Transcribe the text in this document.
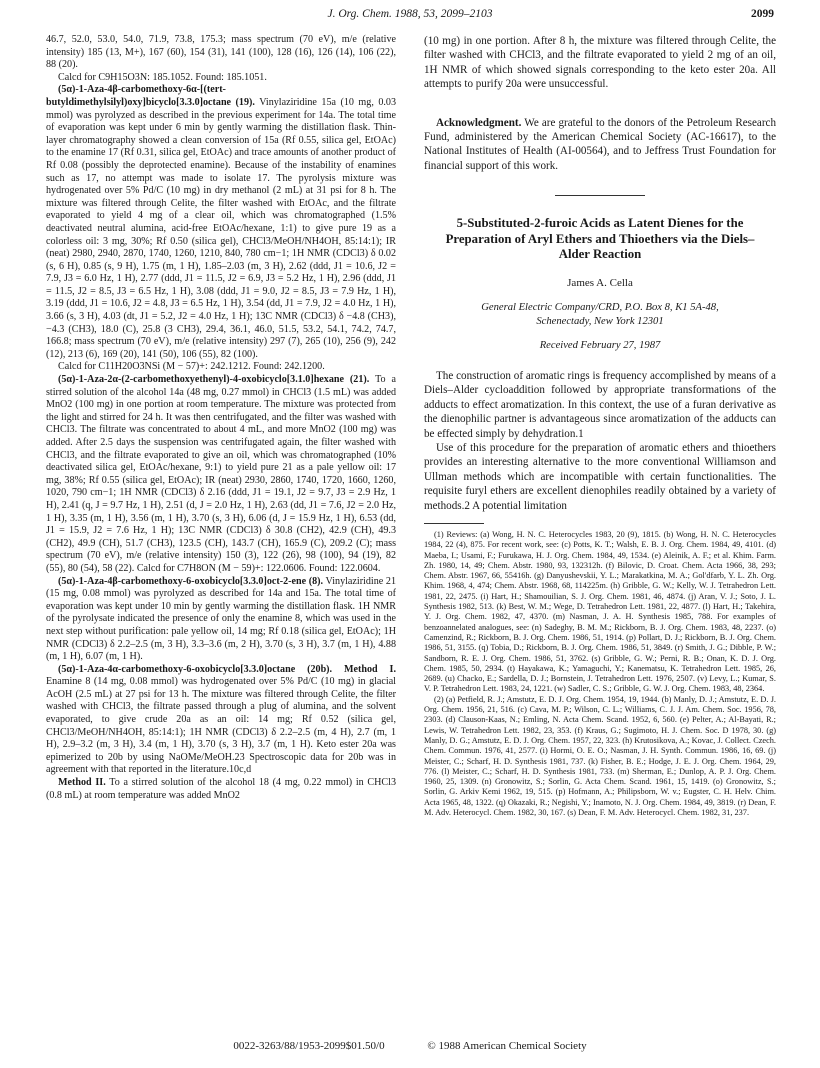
J. Org. Chem. 1988, 53, 2099–2103	2099

46.7, 52.0, 53.0, 54.0, 71.9, 73.8, 175.3; mass spectrum (70 eV), m/e (relative intensity) 185 (13, M+), 167 (60), 154 (31), 141 (100), 128 (16), 126 (14), 106 (22), 88 (20).

Calcd for C9H15O3N: 185.1052. Found: 185.1051.

(5α)-1-Aza-4β-carbomethoxy-6α-[(tert-butyldimethylsilyl)oxy]bicyclo[3.3.0]octane (19). Vinylaziridine 15a (10 mg, 0.03 mmol) was pyrolyzed as described in the previous experiment for 14a. The total time of evaporation was kept under 6 min by gently warming the distillation flask. Thin-layer chromatography showed a clean conversion of 15a (Rf 0.55, silica gel, EtOAc) to the enamine 17 (Rf 0.31, silica gel, EtOAc) and trace amounts of another product of Rf 0.08 (possibly the deprotected enamine). Because of the instability of enamines such as 17, no attempt was made to isolate 17. The pyrolysis mixture was hydrogenated over 5% Pd/C (10 mg) in dry methanol (2 mL) at 31 psi for 8 h. The mixture was filtered through Celite, the filter washed with EtOAc, and the filtrate evaporated to yield 4 mg of a clear oil, which was chromatographed (1.5% deactivated neutral alumina, acid-free EtOAc/hexane, 1:1) to give pure 19 as a colorless oil: 3 mg, 30%; Rf 0.50 (silica gel), CHCl3/MeOH/NH4OH, 85:14:1); IR (neat) 2980, 2940, 2870, 1740, 1260, 1210, 840, 780 cm−1; 1H NMR (CDCl3) δ 0.02 (s, 6 H), 0.85 (s, 9 H), 1.75 (m, 1 H), 1.85–2.03 (m, 3 H), 2.62 (ddd, J1 = 10.6, J2 = 7.9, J3 = 6.0 Hz, 1 H), 2.77 (ddd, J1 = 11.5, J2 = 6.9, J3 = 5.2 Hz, 1 H), 2.96 (ddd, J1 = 11.5, J2 = 8.5, J3 = 6.5 Hz, 1 H), 3.08 (ddd, J1 = 9.0, J2 = 8.5, J3 = 7.9 Hz, 1 H), 3.19 (ddd, J1 = 10.6, J2 = 4.8, J3 = 6.5 Hz, 1 H), 3.54 (dd, J1 = 7.9, J2 = 4.0 Hz, 1 H), 3.66 (s, 3 H), 4.03 (dt, J1 = 5.2, J2 = 4.0 Hz, 1 H); 13C NMR (CDCl3) δ −4.8 (CH3), −4.3 (CH3), 18.0 (C), 25.8 (3 CH3), 29.4, 36.1, 46.0, 51.5, 53.2, 54.1, 74.2, 74.7, 166.8; mass spectrum (70 eV), m/e (relative intensity) 297 (7), 265 (10), 256 (9), 242 (12), 213 (6), 169 (20), 141 (50), 106 (55), 82 (100).

Calcd for C11H20O3NSi (M − 57)+: 242.1212. Found: 242.1200.

(5α)-1-Aza-2α-(2-carbomethoxyethenyl)-4-oxobicyclo[3.1.0]hexane (21). To a stirred solution of the alcohol 14a (48 mg, 0.27 mmol) in CHCl3 (1.5 mL) was added MnO2 (100 mg) in one portion at room temperature. The mixture was protected from the light and stirred for 24 h. It was then centrifugated, and the filter was washed with CHCl3. The filtrate was concentrated to about 4 mL, and more MnO2 (100 mg) was added. After 2.5 days the suspension was centrifugated again, the filter washed with CHCl3, and the filtrate evaporated to give an oil, which was chromatographed (10% deactivated silica gel, EtOAc/hexane, 9:1) to yield pure 21 as a pale yellow oil: 17 mg, 38%; Rf 0.55 (silica gel, EtOAc); IR (neat) 2930, 2860, 1740, 1720, 1660, 1260, 1020, 790 cm−1; 1H NMR (CDCl3) δ 2.16 (ddd, J1 = 19.1, J2 = 9.7, J3 = 2.9 Hz, 1 H), 2.41 (q, J = 9.7 Hz, 1 H), 2.51 (d, J = 2.0 Hz, 1 H), 2.63 (dd, J1 = 7.6, J2 = 2.0 Hz, 1 H), 3.35 (m, 1 H), 3.56 (m, 1 H), 3.70 (s, 3 H), 6.06 (d, J = 15.9 Hz, 1 H), 6.53 (dd, J1 = 15.9, J2 = 7.6 Hz, 1 H); 13C NMR (CDCl3) δ 30.8 (CH2), 42.9 (CH), 49.3 (CH2), 49.9 (CH), 51.7 (CH3), 123.5 (CH), 143.7 (CH), 165.9 (C), 209.2 (C); mass spectrum (70 eV), m/e (relative intensity) 150 (3), 122 (26), 98 (100), 94 (19), 82 (55), 80 (54), 58 (22). Calcd for C7H8ON (M − 59)+: 122.0606. Found: 122.0604.

(5α)-1-Aza-4β-carbomethoxy-6-oxobicyclo[3.3.0]oct-2-ene (8). Vinylaziridine 21 (15 mg, 0.08 mmol) was pyrolyzed as described for 14a and 15a. The total time of evaporation was kept under 10 min by gently warming the distillation flask. 1H NMR of the pyrolysate indicated the presence of only the enamine 8, which was used in the next step without purification: pale yellow oil, 14 mg; Rf 0.18 (silica gel, EtOAc); 1H NMR (CDCl3) δ 2.2–2.5 (m, 3 H), 3.3–3.6 (m, 2 H), 3.70 (s, 3 H), 3.7 (m, 1 H), 4.88 (m, 1 H), 6.07 (m, 1 H).

(5α)-1-Aza-4α-carbomethoxy-6-oxobicyclo[3.3.0]octane (20b). Method I. Enamine 8 (14 mg, 0.08 mmol) was hydrogenated over 5% Pd/C (10 mg) in glacial AcOH (2.5 mL) at 27 psi for 13 h. The mixture was filtered through Celite, the filter washed with CHCl3, the filtrate passed through a plug of alumina, and the solvent evaporated, to give crude 20a as an oil: 14 mg; Rf 0.52 (silica gel, CHCl3/MeOH/NH4OH, 85:14:1); 1H NMR (CDCl3) δ 2.2–2.5 (m, 4 H), 2.7 (m, 1 H), 2.9–3.2 (m, 3 H), 3.4 (m, 1 H), 3.70 (s, 3 H), 3.7 (m, 1 H). Keto ester 20a was epimerized to 20b by using NaOMe/MeOH.23 Spectroscopic data for 20b was in agreement with that reported in the literature.10c,d

Method II. To a stirred solution of the alcohol 18 (4 mg, 0.22 mmol) in CHCl3 (0.8 mL) at room temperature was added MnO2

(10 mg) in one portion. After 8 h, the mixture was filtered through Celite, the filter washed with CHCl3, and the filtrate evaporated to yield 2 mg of an oil, 1H NMR of which showed signals corresponding to the keto ester 20a. All attempts to purify 20a were unsuccessful.

Acknowledgment. We are grateful to the donors of the Petroleum Research Fund, administered by the American Chemical Society (AC-16617), to the National Institutes of Health (AI-00564), and to Jeffress Trust Foundation for financial support of this work.

5-Substituted-2-furoic Acids as Latent Dienes for the Preparation of Aryl Ethers and Thioethers via the Diels–Alder Reaction

James A. Cella

General Electric Company/CRD, P.O. Box 8, K1 5A-48,
Schenectady, New York 12301

Received February 27, 1987

The construction of aromatic rings is frequency accomplished by means of a Diels–Alder cycloaddition followed by appropriate transformations of the adducts to effect aromatization. In this context, the use of a furan derivative as the dienophilic partner is advantageous since aromatization of the adducts can be effected simply by dehydration.1

Use of this procedure for the preparation of aromatic ethers and thioethers provides an interesting alternative to the more conventional Williamson and Ullman methods which are incompatible with certain functionalities. The requisite furyl ethers are excellent dienophiles readily obtained by a variety of methods.2 A potential limitation

(1) Reviews: (a) Wong, H. N. C. Heterocycles 1983, 20 (9), 1815. (b) Wong, H. N. C. Heterocycles 1984, 22 (4), 875. For recent work, see: (c) Potts, K. T.; Walsh, E. B. J. Org. Chem. 1984, 49, 4101. (d) Maeba, I.; Usami, F.; Furukawa, H. J. Org. Chem. 1984, 49, 1534. (e) Aleinik, A. F.; et al. Khim. Farm. Zh. 1980, 14, 49; Chem. Abstr. 1980, 93, 132312h. (f) Bilovic, D. Croat. Chem. Acta 1966, 38, 293; Chem. Abstr. 1967, 66, 55416h. (g) Danyushevskii, Y. L.; Marakatkina, M. A.; Gol'dfarb, Y. L. Zh. Org. Khim. 1968, 4, 474; Chem. Abstr. 1968, 68, 114225m. (h) Gribble, G. W.; Kelly, W. J. Tetrahedron Lett. 1981, 22, 2475. (i) Hart, H.; Shamouilian, S. J. Org. Chem. 1981, 46, 4874. (j) Aran, V. J.; Soto, J. L. Synthesis 1982, 513. (k) Best, W. M.; Wege, D. Tetrahedron Lett. 1981, 22, 4877. (l) Hart, H.; Takehira, Y. J. Org. Chem. 1982, 47, 4370. (m) Nasman, J. A. H. Synthesis 1985, 788. For examples of benzoannelated analogues, see: (n) Sadeghy, B. M. M.; Rickborn, B. J. Org. Chem. 1983, 48, 2237. (o) Camenzind, R.; Rickborn, B. J. Org. Chem. 1986, 51, 1914. (p) Pollart, D. J.; Rickborn, B. J. Org. Chem. 1986, 51, 3155. (q) Tobia, D.; Rickborn, B. J. Org. Chem. 1986, 51, 3849. (r) Smith, J. G.; Dibble, P. W.; Sandborn, R. E. J. Org. Chem. 1986, 51, 3762. (s) Gribble, G. W.; Perni, R. B.; Onan, K. D. J. Org. Chem. 1985, 50, 2934. (t) Hayakawa, K.; Yamaguchi, Y.; Kanematsu, K. Tetrahedron Lett. 1985, 26, 2689. (u) Chacko, E.; Sardella, D. J.; Bornstein, J. Tetrahedron Lett. 1976, 2507. (v) Levy, L.; Kumar, S. V. P. Tetrahedron Lett. 1983, 24, 1221. (w) Sadler, C. S.; Gribble, G. W. J. Org. Chem. 1983, 48, 2364.

(2) (a) Petfield, R. J.; Amstutz, E. D. J. Org. Chem. 1954, 19, 1944. (b) Manly, D. J.; Amstutz, E. D. J. Org. Chem. 1956, 21, 516. (c) Cava, M. P.; Wilson, C. L.; Williams, C. J. J. Am. Chem. Soc. 1956, 78, 2303. (d) Clauson-Kaas, N.; Emling, N. Acta Chem. Scand. 1952, 6, 560. (e) Pelter, A.; Al-Bayati, R.; Lewis, W. Tetrahedron Lett. 1982, 23, 353. (f) Kraus, G.; Sugimoto, H. J. Chem. Soc. D 1978, 30. (g) Manly, D. G.; Amstutz, E. D. J. Org. Chem. 1957, 22, 323. (h) Krutosikova, A.; Kovac, J. Collect. Czech. Chem. Commun. 1976, 41, 2577. (i) Hormi, O. E. O.; Nasman, J. H. Synth. Commun. 1986, 16, 69. (j) Meister, C.; Scharf, H. D. Synthesis 1981, 737. (k) Fisher, B. E.; Hodge, J. E. J. Org. Chem. 1964, 29, 776. (l) Meister, C.; Scharf, H. D. Synthesis 1981, 733. (m) Sherman, E.; Dunlop, A. P. J. Org. Chem. 1960, 25, 1309. (n) Gronowitz, S.; Sorlin, G. Acta Chem. Scand. 1961, 15, 1419. (o) Gronowitz, S.; Sorlin, G. Arkiv Kemi 1962, 19, 515. (p) Hofmann, A.; Philipsborn, W. v.; Eugster, C. H. Helv. Chim. Acta 1965, 48, 1322. (q) Okazaki, R.; Negishi, Y.; Inamoto, N. J. Org. Chem. 1984, 49, 3819. (r) Dean, F. M. Adv. Heterocycl. Chem. 1982, 30, 167. (s) Dean, F. M. Adv. Heterocycl. Chem. 1982, 31, 237.

0022-3263/88/1953-2099$01.50/0	© 1988 American Chemical Society
